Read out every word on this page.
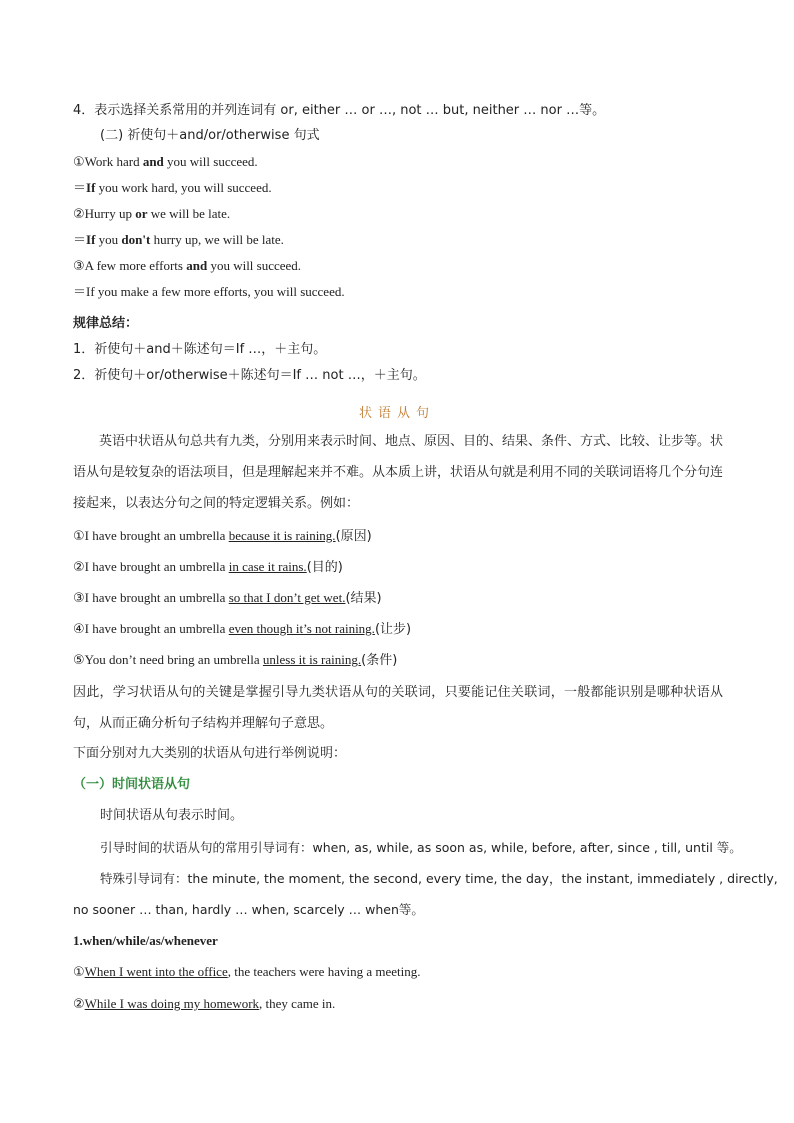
4．表示选择关系常用的并列连词有 or, either … or …, not … but, neither … nor …等。
(二) 祈使句＋and/or/otherwise 句式
①Work hard and you will succeed.
＝If you work hard, you will succeed.
②Hurry up or we will be late.
＝If you don't hurry up, we will be late.
③A few more efforts and you will succeed.
＝If you make a few more efforts, you will succeed.
规律总结：
1．祈使句＋and＋陈述句＝If …，＋主句。
2．祈使句＋or/otherwise＋陈述句＝If … not …，＋主句。
状语从句
英语中状语从句总共有九类，分别用来表示时间、地点、原因、目的、结果、条件、方式、比较、让步等。状语从句是较复杂的语法项目，但是理解起来并不难。从本质上讲，状语从句就是利用不同的关联词语将几个分句连接起来，以表达分句之间的特定逻辑关系。例如：
①I have brought an umbrella because it is raining.(原因)
②I have brought an umbrella in case it rains.(目的)
③I have brought an umbrella so that I don’t get wet.(结果)
④I have brought an umbrella even though it’s not raining.(让步)
⑤You don’t need bring an umbrella unless it is raining.(条件)
因此，学习状语从句的关键是掌握引导九类状语从句的关联词，只要能记住关联词，一般都能识别是哪种状语从句，从而正确分析句子结构并理解句子意思。
下面分别对九大类别的状语从句进行举例说明：
（一）时间状语从句
时间状语从句表示时间。
引导时间的状语从句的常用引导词有：when, as, while, as soon as, while, before, after, since , till, until 等。
特殊引导词有：the minute, the moment, the second, every time, the day，the instant, immediately , directly,
no sooner … than, hardly … when, scarcely … when等。
1.when/while/as/whenever
①When I went into the office, the teachers were having a meeting.
②While I was doing my homework, they came in.
